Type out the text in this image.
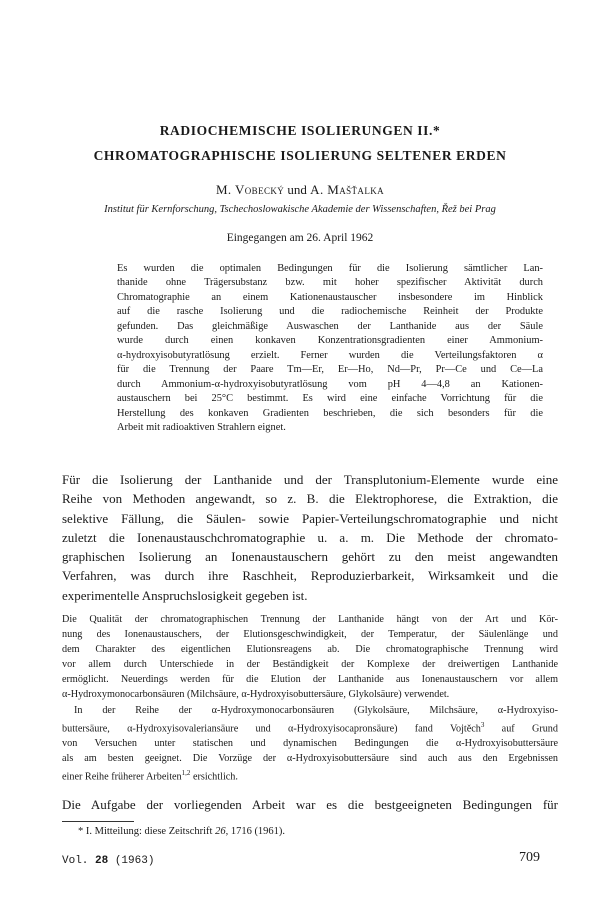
RADIOCHEMISCHE ISOLIERUNGEN II.*
CHROMATOGRAPHISCHE ISOLIERUNG SELTENER ERDEN
M. Vobecký und A. Mašťalka
Institut für Kernforschung, Tschechoslowakische Akademie der Wissenschaften, Řež bei Prag
Eingegangen am 26. April 1962
Es wurden die optimalen Bedingungen für die Isolierung sämtlicher Lan-
thanide ohne Trägersubstanz bzw. mit hoher spezifischer Aktivität durch
Chromatographie an einem Kationenaustauscher insbesondere im Hinblick
auf die rasche Isolierung und die radiochemische Reinheit der Produkte
gefunden. Das gleichmäßige Auswaschen der Lanthanide aus der Säule
wurde durch einen konkaven Konzentrationsgradienten einer Ammonium-
α-hydroxyisobutyratlösung erzielt. Ferner wurden die Verteilungsfaktoren α
für die Trennung der Paare Tm—Er, Er—Ho, Nd—Pr, Pr—Ce und Ce—La
durch Ammonium-α-hydroxyisobutyratlösung vom pH 4—4,8 an Kationen-
austauschern bei 25°C bestimmt. Es wird eine einfache Vorrichtung für die
Herstellung des konkaven Gradienten beschrieben, die sich besonders für die
Arbeit mit radioaktiven Strahlern eignet.
Für die Isolierung der Lanthanide und der Transplutonium-Elemente wurde eine
Reihe von Methoden angewandt, so z. B. die Elektrophorese, die Extraktion, die
selektive Fällung, die Säulen- sowie Papier-Verteilungschromatographie und nicht
zuletzt die Ionenaustauschchromatographie u. a. m. Die Methode der chromato-
graphischen Isolierung an Ionenaustauschern gehört zu den meist angewandten
Verfahren, was durch ihre Raschheit, Reproduzierbarkeit, Wirksamkeit und die
experimentelle Anspruchslosigkeit gegeben ist.
Die Qualität der chromatographischen Trennung der Lanthanide hängt von der Art und Kör-
nung des Ionenaustauschers, der Elutionsgeschwindigkeit, der Temperatur, der Säulenlänge und
dem Charakter des eigentlichen Elutionsreagens ab. Die chromatographische Trennung wird
vor allem durch Unterschiede in der Beständigkeit der Komplexe der dreiwertigen Lanthanide
ermöglicht. Neuerdings werden für die Elution der Lanthanide aus Ionenaustauschern vor allem
α-Hydroxymonocarbonsäuren (Milchsäure, α-Hydroxyisobuttersäure, Glykolsäure) verwendet.
In der Reihe der α-Hydroxymonocarbonsäuren (Glykolsäure, Milchsäure, α-Hydroxyiso-
buttersäure, α-Hydroxyisovaleriansäure und α-Hydroxyisocapronsäure) fand Vojtěch$^3$ auf Grund
von Versuchen unter statischen und dynamischen Bedingungen die α-Hydroxyisobuttersäure
als am besten geeignet. Die Vorzüge der α-Hydroxyisobuttersäure sind auch aus den Ergebnissen
einer Reihe früherer Arbeiten$^{1,2}$ ersichtlich.
Die Aufgabe der vorliegenden Arbeit war es die bestgeeigneten Bedingungen für
* I. Mitteilung: diese Zeitschrift 26, 1716 (1961).
Vol. 28 (1963)	709
